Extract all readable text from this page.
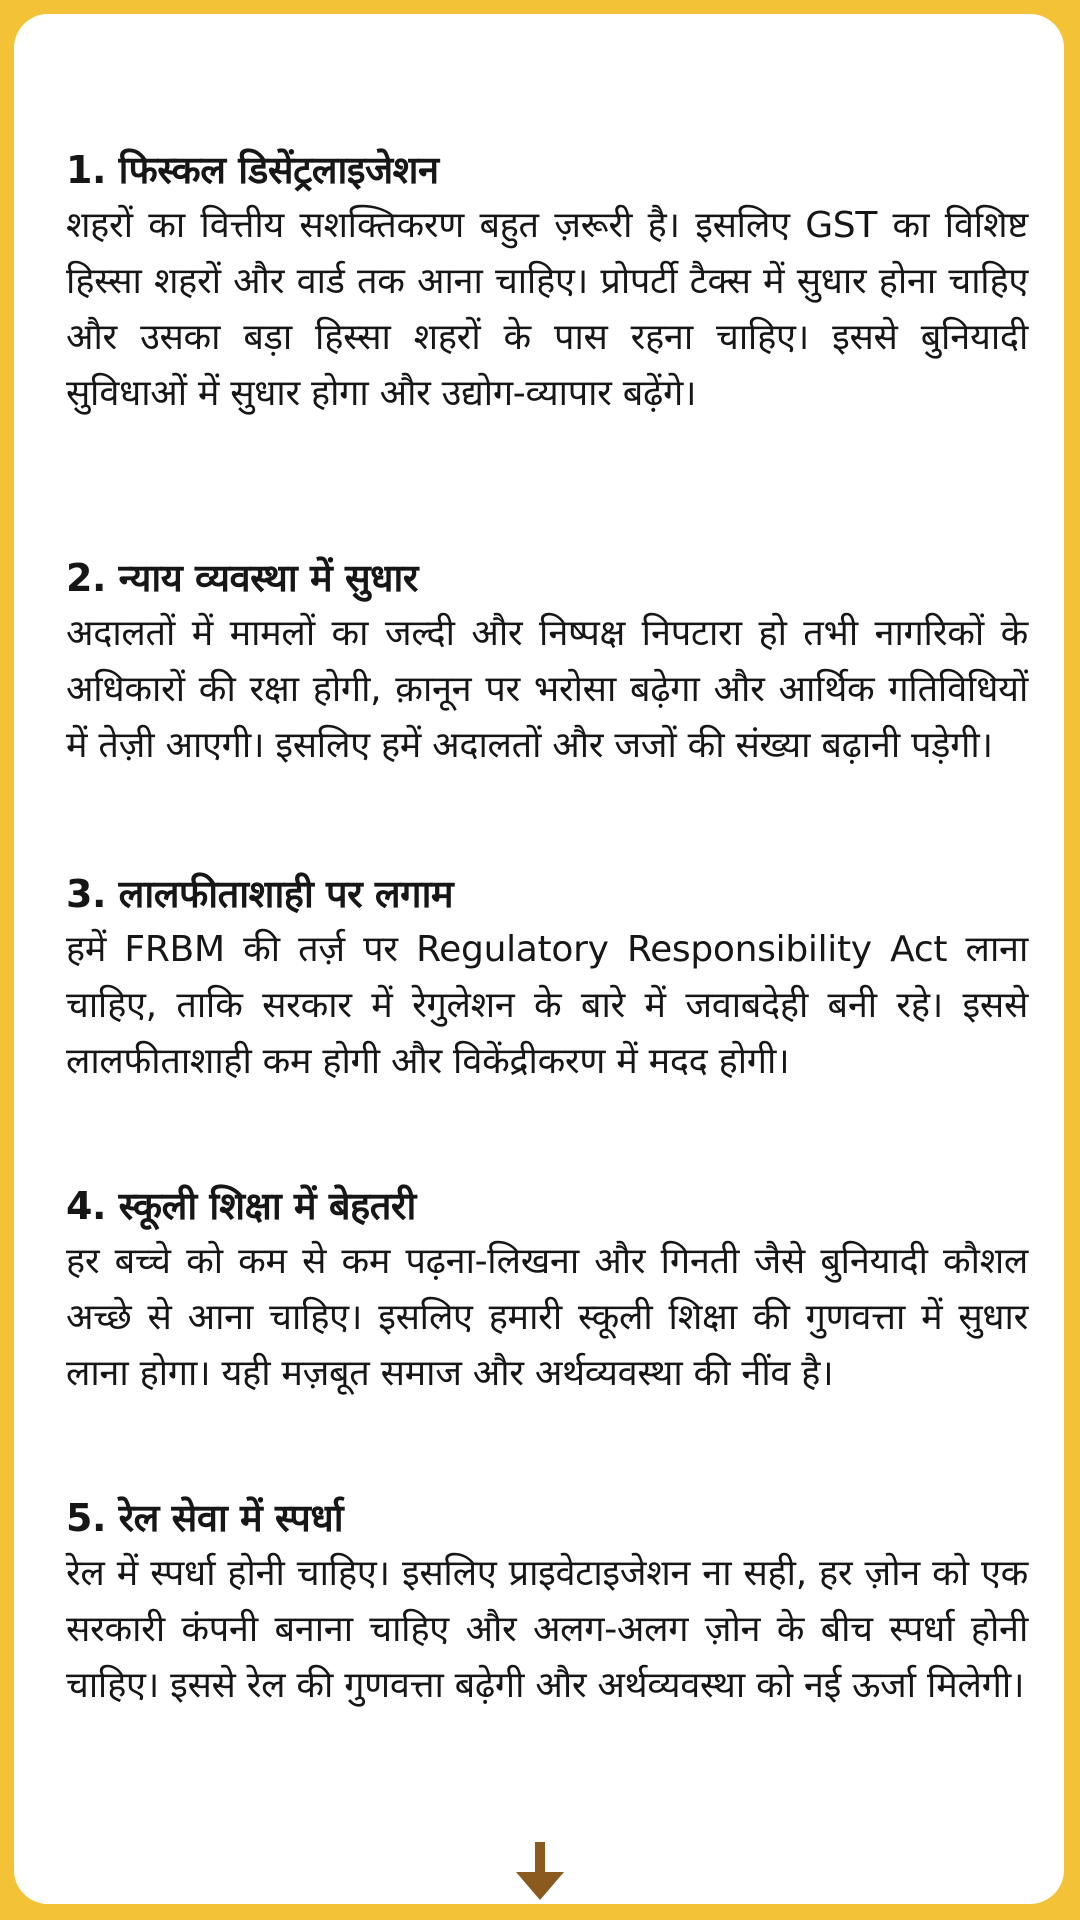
1. फिस्कल डिसेंट्रलाइजेशन

शहरों का वित्तीय सशक्तिकरण बहुत ज़रूरी है। इसलिए GST का विशिष्ट हिस्सा शहरों और वार्ड तक आना चाहिए। प्रोपर्टी टैक्स में सुधार होना चाहिए और उसका बड़ा हिस्सा शहरों के पास रहना चाहिए। इससे बुनियादी सुविधाओं में सुधार होगा और उद्योग-व्यापार बढ़ेंगे।

2. न्याय व्यवस्था में सुधार

अदालतों में मामलों का जल्दी और निष्पक्ष निपटारा हो तभी नागरिकों के अधिकारों की रक्षा होगी, क़ानून पर भरोसा बढ़ेगा और आर्थिक गतिविधियों में तेज़ी आएगी। इसलिए हमें अदालतों और जजों की संख्या बढ़ानी पड़ेगी।

3. लालफीताशाही पर लगाम

हमें FRBM की तर्ज़ पर Regulatory Responsibility Act लाना चाहिए, ताकि सरकार में रेगुलेशन के बारे में जवाबदेही बनी रहे। इससे लालफीताशाही कम होगी और विकेंद्रीकरण में मदद होगी।

4. स्कूली शिक्षा में बेहतरी

हर बच्चे को कम से कम पढ़ना-लिखना और गिनती जैसे बुनियादी कौशल अच्छे से आना चाहिए। इसलिए हमारी स्कूली शिक्षा की गुणवत्ता में सुधार लाना होगा। यही मज़बूत समाज और अर्थव्यवस्था की नींव है।

5. रेल सेवा में स्पर्धा

रेल में स्पर्धा होनी चाहिए। इसलिए प्राइवेटाइजेशन ना सही, हर ज़ोन को एक सरकारी कंपनी बनाना चाहिए और अलग-अलग ज़ोन के बीच स्पर्धा होनी चाहिए। इससे रेल की गुणवत्ता बढ़ेगी और अर्थव्यवस्था को नई ऊर्जा मिलेगी।
